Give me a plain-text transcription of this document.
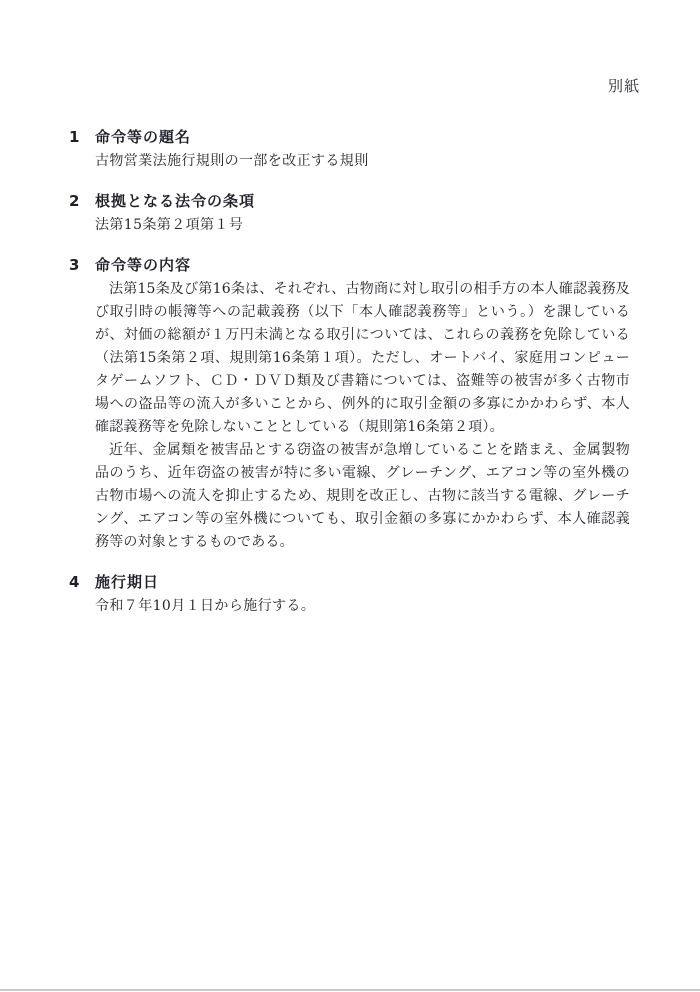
別紙
1	命令等の題名

古物営業法施行規則の一部を改正する規則

2	根拠となる法令の条項

法第15条第２項第１号

3	命令等の内容

法第15条及び第16条は、それぞれ、古物商に対し取引の相手方の本人確認義務及び取引時の帳簿等への記載義務（以下「本人確認義務等」という。）を課しているが、対価の総額が１万円未満となる取引については、これらの義務を免除している（法第15条第２項、規則第16条第１項）。ただし、オートバイ、家庭用コンピュータゲームソフト、ＣＤ・ＤＶＤ類及び書籍については、盗難等の被害が多く古物市場への盗品等の流入が多いことから、例外的に取引金額の多寡にかかわらず、本人確認義務等を免除しないこととしている（規則第16条第２項）。

近年、金属類を被害品とする窃盗の被害が急増していることを踏まえ、金属製物品のうち、近年窃盗の被害が特に多い電線、グレーチング、エアコン等の室外機の古物市場への流入を抑止するため、規則を改正し、古物に該当する電線、グレーチング、エアコン等の室外機についても、取引金額の多寡にかかわらず、本人確認義務等の対象とするものである。

4	施行期日

令和７年10月１日から施行する。
